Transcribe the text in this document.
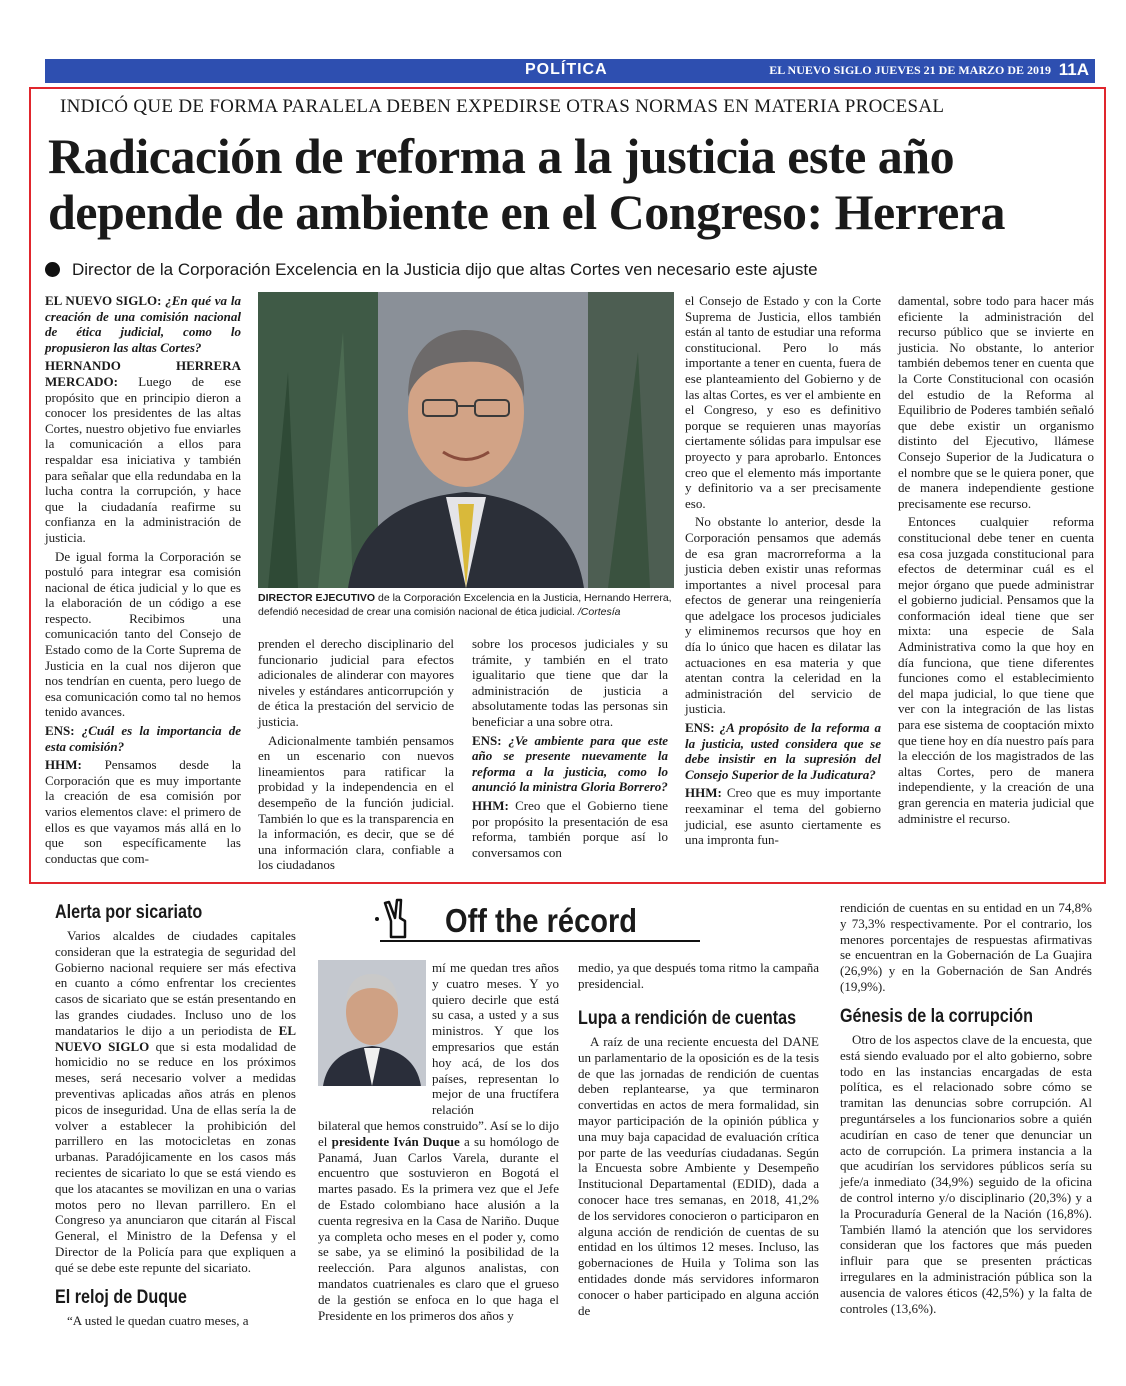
POLÍTICA	EL NUEVO SIGLO JUEVES 21 DE MARZO DE 2019 11A
INDICÓ QUE DE FORMA PARALELA DEBEN EXPEDIRSE OTRAS NORMAS EN MATERIA PROCESAL
Radicación de reforma a la justicia este año depende de ambiente en el Congreso: Herrera
Director de la Corporación Excelencia en la Justicia dijo que altas Cortes ven necesario este ajuste

EL NUEVO SIGLO: ¿En qué va la creación de una comisión nacional de ética judicial, como lo propusieron las altas Cortes?

HERNANDO HERRERA MERCADO: Luego de ese propósito que en principio dieron a conocer los presidentes de las altas Cortes, nuestro objetivo fue enviarles la comunicación a ellos para respaldar esa iniciativa y también para señalar que ella redundaba en la lucha contra la corrupción, y hace que la ciudadanía reafirme su confianza en la administración de justicia.

De igual forma la Corporación se postuló para integrar esa comisión nacional de ética judicial y lo que es la elaboración de un código a ese respecto. Recibimos una comunicación tanto del Consejo de Estado como de la Corte Suprema de Justicia en la cual nos dijeron que nos tendrían en cuenta, pero luego de esa comunicación como tal no hemos tenido avances.

ENS: ¿Cuál es la importancia de esta comisión?

HHM: Pensamos desde la Corporación que es muy importante la creación de esa comisión por varios elementos clave: el primero de ellos es que vayamos más allá en lo que son específicamente las conductas que com-

DIRECTOR EJECUTIVO de la Corporación Excelencia en la Justicia, Hernando Herrera, defendió necesidad de crear una comisión nacional de ética judicial. /Cortesía

prenden el derecho disciplinario del funcionario judicial para efectos adicionales de alinderar con mayores niveles y estándares anticorrupción y de ética la prestación del servicio de justicia.

Adicionalmente también pensamos en un escenario con nuevos lineamientos para ratificar la probidad y la independencia en el desempeño de la función judicial. También lo que es la transparencia en la información, es decir, que se dé una información clara, confiable a los ciudadanos

sobre los procesos judiciales y su trámite, y también en el trato igualitario que tiene que dar la administración de justicia a absolutamente todas las personas sin beneficiar a una sobre otra.

ENS: ¿Ve ambiente para que este año se presente nuevamente la reforma a la justicia, como lo anunció la ministra Gloria Borrero?

HHM: Creo que el Gobierno tiene por propósito la presentación de esa reforma, también porque así lo conversamos con

el Consejo de Estado y con la Corte Suprema de Justicia, ellos también están al tanto de estudiar una reforma constitucional. Pero lo más importante a tener en cuenta, fuera de ese planteamiento del Gobierno y de las altas Cortes, es ver el ambiente en el Congreso, y eso es definitivo porque se requieren unas mayorías ciertamente sólidas para impulsar ese proyecto y para aprobarlo. Entonces creo que el elemento más importante y definitorio va a ser precisamente eso.

No obstante lo anterior, desde la Corporación pensamos que además de esa gran macrorreforma a la justicia deben existir unas reformas importantes a nivel procesal para efectos de generar una reingeniería que adelgace los procesos judiciales y eliminemos recursos que hoy en día lo único que hacen es dilatar las actuaciones en esa materia y que atentan contra la celeridad en la administración del servicio de justicia.

ENS: ¿A propósito de la reforma a la justicia, usted considera que se debe insistir en la supresión del Consejo Superior de la Judicatura?

HHM: Creo que es muy importante reexaminar el tema del gobierno judicial, ese asunto ciertamente es una impronta fun-

damental, sobre todo para hacer más eficiente la administración del recurso público que se invierte en justicia. No obstante, lo anterior también debemos tener en cuenta que la Corte Constitucional con ocasión del estudio de la Reforma al Equilibrio de Poderes también señaló que debe existir un organismo distinto del Ejecutivo, llámese Consejo Superior de la Judicatura o el nombre que se le quiera poner, que de manera independiente gestione precisamente ese recurso.

Entonces cualquier reforma constitucional debe tener en cuenta esa cosa juzgada constitucional para efectos de determinar cuál es el mejor órgano que puede administrar el gobierno judicial. Pensamos que la conformación ideal tiene que ser mixta: una especie de Sala Administrativa como la que hoy en día funciona, que tiene diferentes funciones como el establecimiento del mapa judicial, lo que tiene que ver con la integración de las listas para ese sistema de cooptación mixto que tiene hoy en día nuestro país para la elección de los magistrados de las altas Cortes, pero de manera independiente, y la creación de una gran gerencia en materia judicial que administre el recurso.

Off the récord
Alerta por sicariato

Varios alcaldes de ciudades capitales consideran que la estrategia de seguridad del Gobierno nacional requiere ser más efectiva en cuanto a cómo enfrentar los crecientes casos de sicariato que se están presentando en las grandes ciudades. Incluso uno de los mandatarios le dijo a un periodista de EL NUEVO SIGLO que si esta modalidad de homicidio no se reduce en los próximos meses, será necesario volver a medidas preventivas aplicadas años atrás en plenos picos de inseguridad. Una de ellas sería la de volver a establecer la prohibición del parrillero en las motocicletas en zonas urbanas. Paradójicamente en los casos más recientes de sicariato lo que se está viendo es que los atacantes se movilizan en una o varias motos pero no llevan parrillero. En el Congreso ya anunciaron que citarán al Fiscal General, el Ministro de la Defensa y el Director de la Policía para que expliquen a qué se debe este repunte del sicariato.

El reloj de Duque

“A usted le quedan cuatro meses, a

mí me quedan tres años y cuatro meses. Y yo quiero decirle que está su casa, a usted y a sus ministros. Y que los empresarios que están hoy acá, de los dos países, representan lo mejor de una fructífera relación

bilateral que hemos construido”. Así se lo dijo el presidente Iván Duque a su homólogo de Panamá, Juan Carlos Varela, durante el encuentro que sostuvieron en Bogotá el martes pasado. Es la primera vez que el Jefe de Estado colombiano hace alusión a la cuenta regresiva en la Casa de Nariño. Duque ya completa ocho meses en el poder y, como se sabe, ya se eliminó la posibilidad de la reelección. Para algunos analistas, con mandatos cuatrienales es claro que el grueso de la gestión se enfoca en lo que haga el Presidente en los primeros dos años y

medio, ya que después toma ritmo la campaña presidencial.

Lupa a rendición de cuentas

A raíz de una reciente encuesta del DANE un parlamentario de la oposición es de la tesis de que las jornadas de rendición de cuentas deben replantearse, ya que terminaron convertidas en actos de mera formalidad, sin mayor participación de la opinión pública y una muy baja capacidad de evaluación crítica por parte de las veedurías ciudadanas. Según la Encuesta sobre Ambiente y Desempeño Institucional Departamental (EDID), dada a conocer hace tres semanas, en 2018, 41,2% de los servidores conocieron o participaron en alguna acción de rendición de cuentas de su entidad en los últimos 12 meses. Incluso, las gobernaciones de Huila y Tolima son las entidades donde más servidores informaron conocer o haber participado en alguna acción de

rendición de cuentas en su entidad en un 74,8% y 73,3% respectivamente. Por el contrario, los menores porcentajes de respuestas afirmativas se encuentran en la Gobernación de La Guajira (26,9%) y en la Gobernación de San Andrés (19,9%).

Génesis de la corrupción

Otro de los aspectos clave de la encuesta, que está siendo evaluado por el alto gobierno, sobre todo en las instancias encargadas de esta política, es el relacionado sobre cómo se tramitan las denuncias sobre corrupción. Al preguntárseles a los funcionarios sobre a quién acudirían en caso de tener que denunciar un acto de corrupción. La primera instancia a la que acudirían los servidores públicos sería su jefe/a inmediato (34,9%) seguido de la oficina de control interno y/o disciplinario (20,3%) y a la Procuraduría General de la Nación (16,8%). También llamó la atención que los servidores consideran que los factores que más pueden influir para que se presenten prácticas irregulares en la administración pública son la ausencia de valores éticos (42,5%) y la falta de controles (13,6%).
